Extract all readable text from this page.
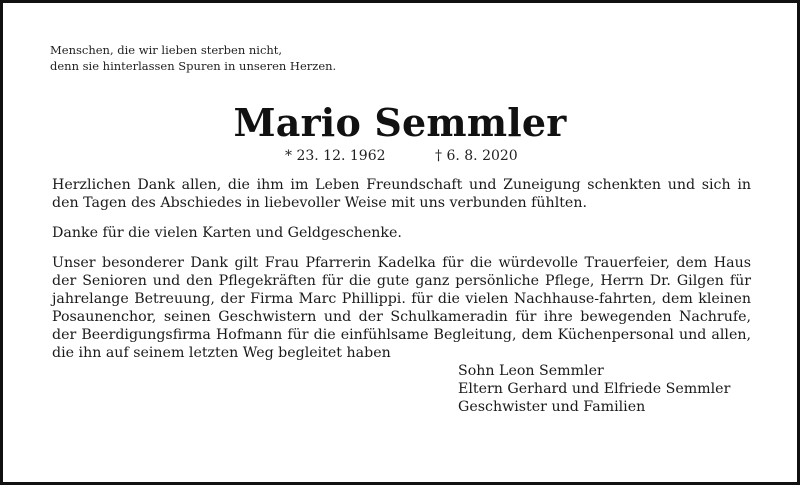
Menschen, die wir lieben sterben nicht,
denn sie hinterlassen Spuren in unseren Herzen.
Mario Semmler
* 23. 12. 1962	† 6. 8. 2020

Herzlichen Dank allen, die ihm im Leben Freundschaft und Zuneigung schenkten und sich in den Tagen des Abschiedes in liebevoller Weise mit uns verbunden fühlten.

Danke für die vielen Karten und Geldgeschenke.

Unser besonderer Dank gilt Frau Pfarrerin Kadelka für die würdevolle Trauerfeier, dem Haus der Senioren und den Pflegekräften für die gute ganz persönliche Pflege, Herrn Dr. Gilgen für jahrelange Betreuung, der Firma Marc Phillippi. für die vielen Nachhause-fahrten, dem kleinen Posaunenchor, seinen Geschwistern und der Schulkameradin für ihre bewegenden Nachrufe, der Beerdigungsfirma Hofmann für die einfühlsame Begleitung, dem Küchenpersonal und allen, die ihn auf seinem letzten Weg begleitet haben

Sohn Leon Semmler
Eltern Gerhard und Elfriede Semmler
Geschwister und Familien
